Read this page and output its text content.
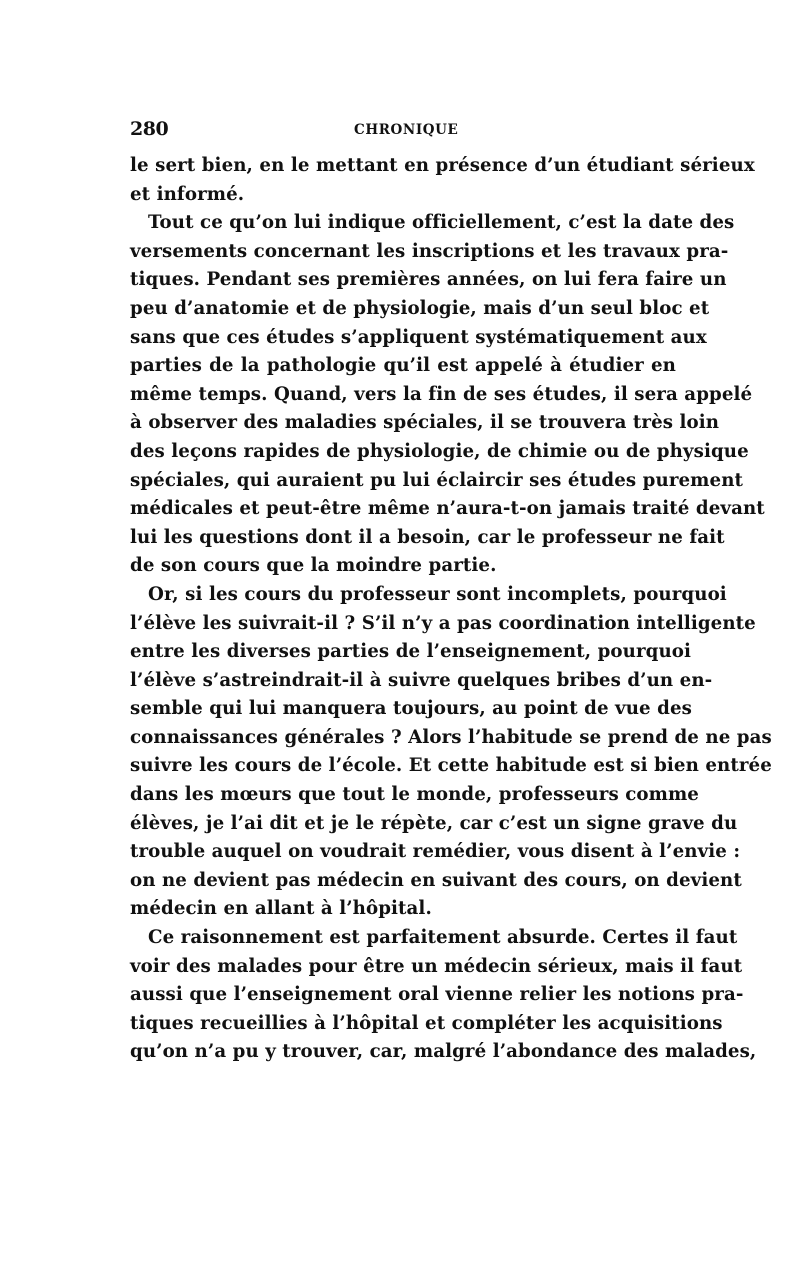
280	CHRONIQUE
le sert bien, en le mettant en présence d’un étudiant sérieux
et informé.
Tout ce qu’on lui indique officiellement, c’est la date des
versements concernant les inscriptions et les travaux pra-
tiques. Pendant ses premières années, on lui fera faire un
peu d’anatomie et de physiologie, mais d’un seul bloc et
sans que ces études s’appliquent systématiquement aux
parties de la pathologie qu’il est appelé à étudier en
même temps. Quand, vers la fin de ses études, il sera appelé
à observer des maladies spéciales, il se trouvera très loin
des leçons rapides de physiologie, de chimie ou de physique
spéciales, qui auraient pu lui éclaircir ses études purement
médicales et peut-être même n’aura-t-on jamais traité devant
lui les questions dont il a besoin, car le professeur ne fait
de son cours que la moindre partie.
Or, si les cours du professeur sont incomplets, pourquoi
l’élève les suivrait-il ? S’il n’y a pas coordination intelligente
entre les diverses parties de l’enseignement, pourquoi
l’élève s’astreindrait-il à suivre quelques bribes d’un en-
semble qui lui manquera toujours, au point de vue des
connaissances générales ? Alors l’habitude se prend de ne pas
suivre les cours de l’école. Et cette habitude est si bien entrée
dans les mœurs que tout le monde, professeurs comme
élèves, je l’ai dit et je le répète, car c’est un signe grave du
trouble auquel on voudrait remédier, vous disent à l’envie :
on ne devient pas médecin en suivant des cours, on devient
médecin en allant à l’hôpital.
Ce raisonnement est parfaitement absurde. Certes il faut
voir des malades pour être un médecin sérieux, mais il faut
aussi que l’enseignement oral vienne relier les notions pra-
tiques recueillies à l’hôpital et compléter les acquisitions
qu’on n’a pu y trouver, car, malgré l’abondance des malades,
